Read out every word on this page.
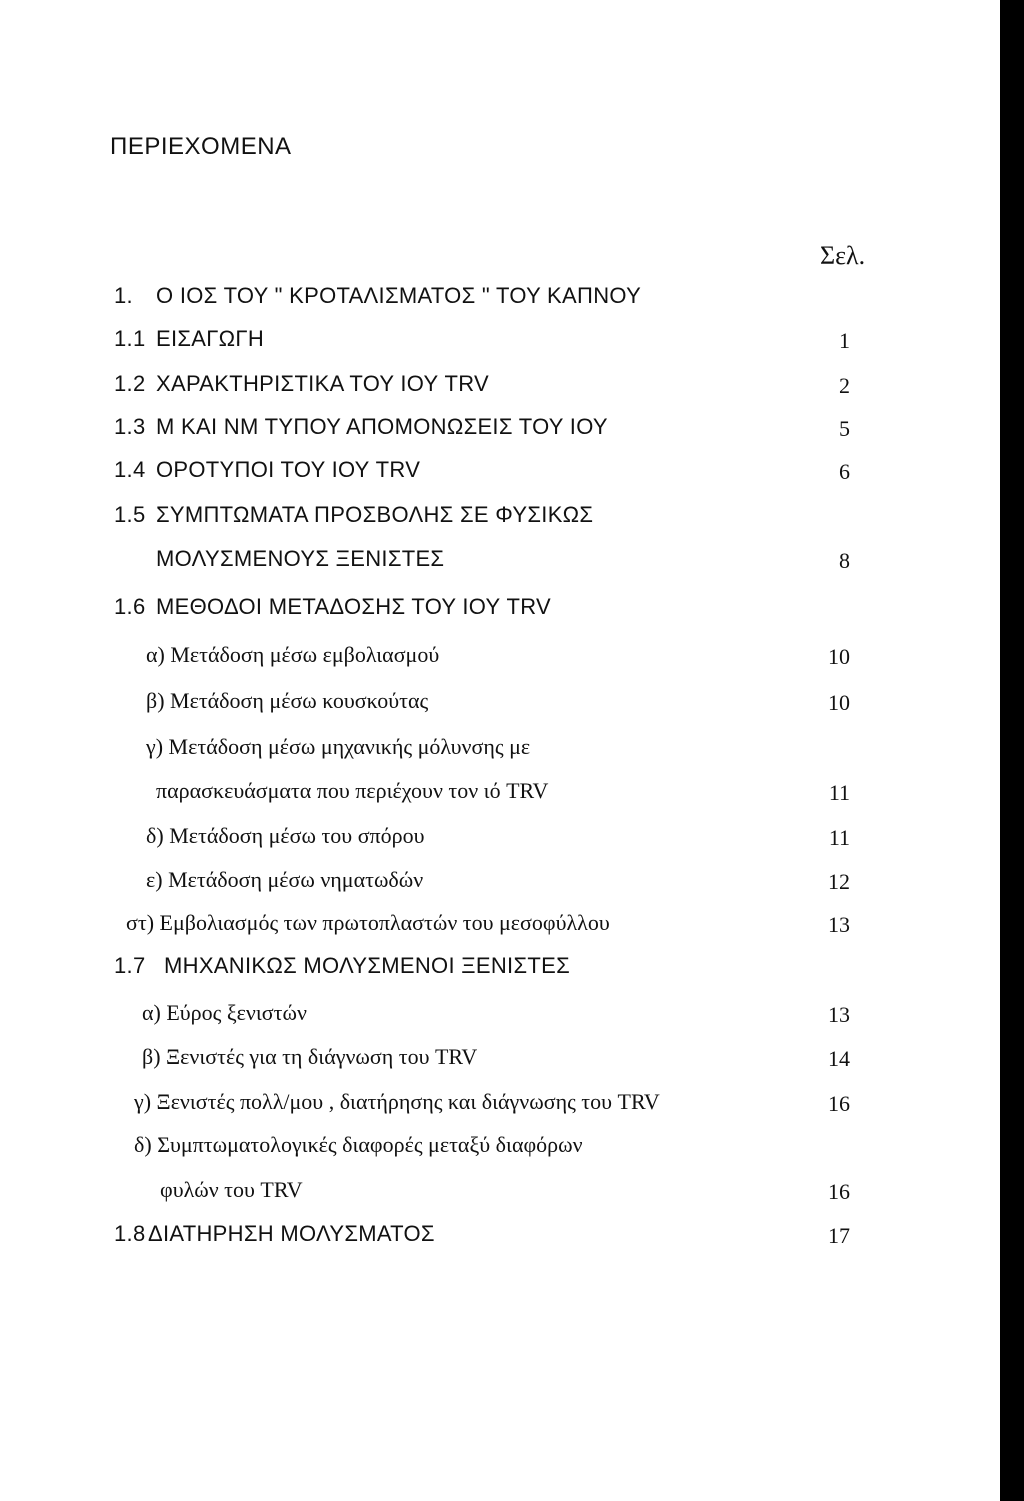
ΠΕΡΙΕΧΟΜΕΝΑ
Σελ.
1. Ο ΙΟΣ ΤΟΥ " ΚΡΟΤΑΛΙΣΜΑΤΟΣ " ΤΟΥ ΚΑΠΝΟΥ
1.1 ΕΙΣΑΓΩΓΗ	1
1.2 ΧΑΡΑΚΤΗΡΙΣΤΙΚΑ ΤΟΥ ΙΟΥ TRV	2
1.3 Μ ΚΑΙ ΝΜ ΤΥΠΟΥ ΑΠΟΜΟΝΩΣΕΙΣ ΤΟΥ ΙΟΥ	5
1.4 ΟΡΟΤΥΠΟΙ ΤΟΥ ΙΟΥ TRV	6
1.5 ΣΥΜΠΤΩΜΑΤΑ ΠΡΟΣΒΟΛΗΣ ΣΕ ΦΥΣΙΚΩΣ
ΜΟΛΥΣΜΕΝΟΥΣ ΞΕΝΙΣΤΕΣ	8
1.6 ΜΕΘΟΔΟΙ ΜΕΤΑΔΟΣΗΣ ΤΟΥ ΙΟΥ TRV
α) Μετάδοση μέσω εμβολιασμού	10
β) Μετάδοση μέσω κουσκούτας	10
γ) Μετάδοση μέσω μηχανικής μόλυνσης με
παρασκευάσματα που περιέχουν τον ιό TRV	11
δ) Μετάδοση μέσω του σπόρου	11
ε) Μετάδοση μέσω νηματωδών	12
στ) Εμβολιασμός των πρωτοπλαστών του μεσοφύλλου	13
1.7 ΜΗΧΑΝΙΚΩΣ ΜΟΛΥΣΜΕΝΟΙ ΞΕΝΙΣΤΕΣ
α) Εύρος ξενιστών	13
β) Ξενιστές για τη διάγνωση του TRV	14
γ) Ξενιστές πολλ/μου , διατήρησης και διάγνωσης του TRV	16
δ) Συμπτωματολογικές διαφορές μεταξύ διαφόρων
φυλών του TRV	16
1.8 ΔΙΑΤΗΡΗΣΗ ΜΟΛΥΣΜΑΤΟΣ	17
